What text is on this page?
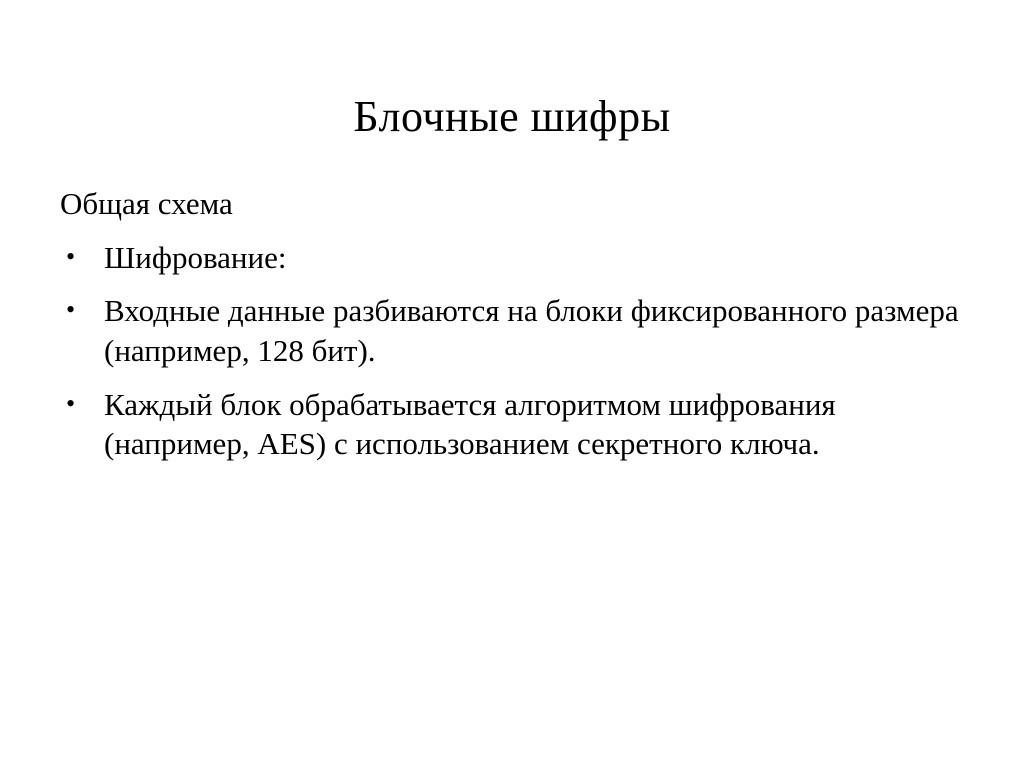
Блочные шифры

Общая схема

• Шифрование:
• Входные данные разбиваются на блоки фиксированного размера (например, 128 бит).
• Каждый блок обрабатывается алгоритмом шифрования (например, AES) с использованием секретного ключа.
